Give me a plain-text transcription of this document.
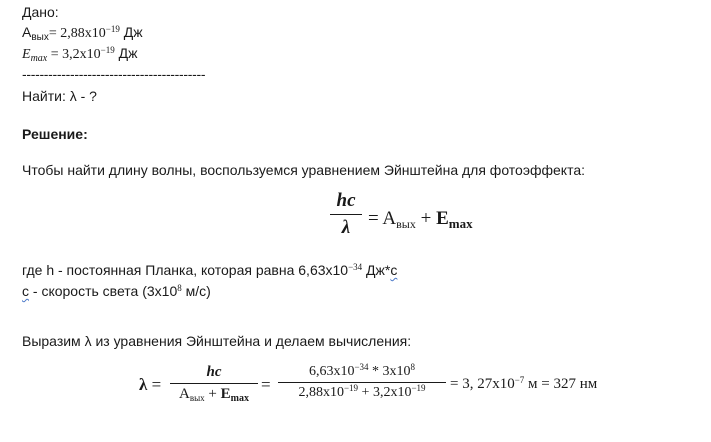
Дано:
$A_{вых}= 2,88x10^{-19}$ Дж
$E_{max} = 3,2x10^{-19}$ Дж
------------------------------------------
Найти: λ - ?
Решение:
Чтобы найти длину волны, воспользуемся уравнением Эйнштейна для фотоэффекта:
hc
$\lambda = A_{вых} + E_{max}$
где h - постоянная Планка, которая равна $6,63x10^{-34}$ Дж*с
с - скорость света ($3x10^8$ м/с)
Выразим λ из уравнения Эйнштейна и делаем вычисления:
λ =
hc
$A_{вых} + E_{max}$
=
$6,63x10^{-34} * 3x10^8$
$2,88x10^{-19} + 3,2x10^{-19}$	= 3, $27x10^{-7}$ м = 327 нм
